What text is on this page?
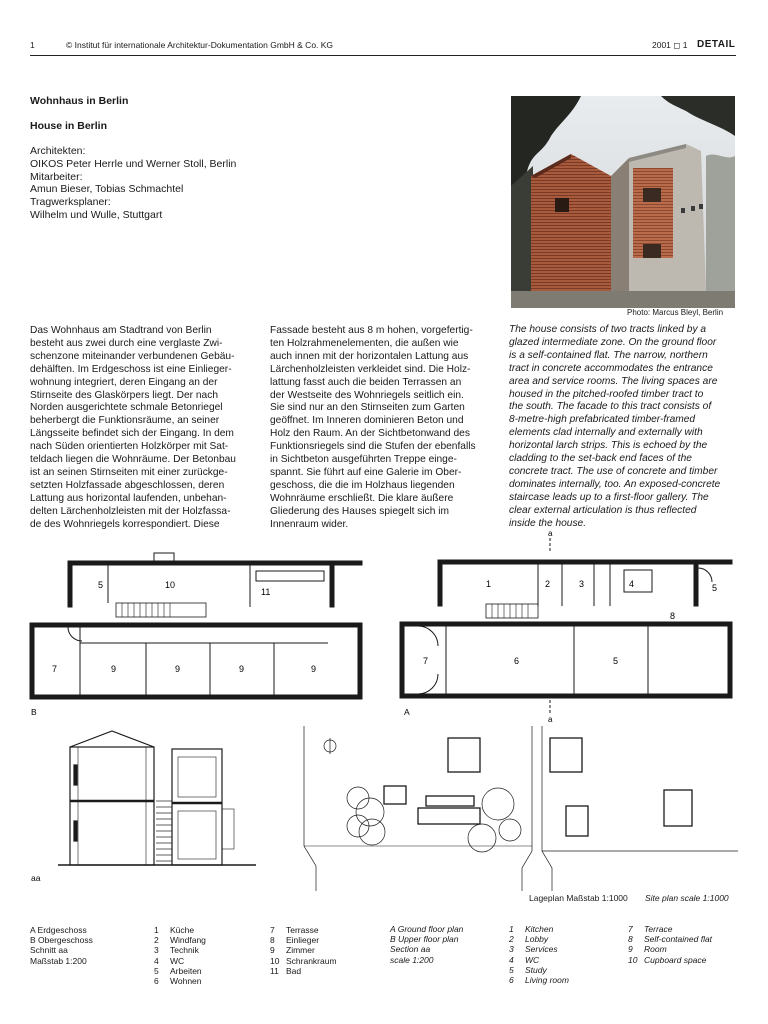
1	© Institut für internationale Architektur-Dokumentation GmbH & Co. KG	2001 ◻ 1 DETAIL
Wohnhaus in Berlin
House in Berlin
Architekten:
OIKOS Peter Herrle und Werner Stoll, Berlin
Mitarbeiter:
Amun Bieser, Tobias Schmachtel
Tragwerksplaner:
Wilhelm und Wulle, Stuttgart
Photo: Marcus Bleyl, Berlin
Das Wohnhaus am Stadtrand von Berlin
besteht aus zwei durch eine verglaste Zwi-
schenzone miteinander verbundenen Gebäu-
dehälften. Im Erdgeschoss ist eine Einlieger-
wohnung integriert, deren Eingang an der
Stirnseite des Glaskörpers liegt. Der nach
Norden ausgerichtete schmale Betonriegel
beherbergt die Funktionsräume, an seiner
Längsseite befindet sich der Eingang. In dem
nach Süden orientierten Holzkörper mit Sat-
teldach liegen die Wohnräume. Der Betonbau
ist an seinen Stirnseiten mit einer zurückge-
setzten Holzfassade abgeschlossen, deren
Lattung aus horizontal laufenden, unbehan-
delten Lärchenholzleisten mit der Holzfassa-
de des Wohnriegels korrespondiert. Diese
Fassade besteht aus 8 m hohen, vorgefertig-
ten Holzrahmenelementen, die außen wie
auch innen mit der horizontalen Lattung aus
Lärchenholzleisten verkleidet sind. Die Holz-
lattung fasst auch die beiden Terrassen an
der Westseite des Wohnriegels seitlich ein.
Sie sind nur an den Stirnseiten zum Garten
geöffnet. Im Inneren dominieren Beton und
Holz den Raum. An der Sichtbetonwand des
Funktionsriegels sind die Stufen der ebenfalls
in Sichtbeton ausgeführten Treppe einge-
spannt. Sie führt auf eine Galerie im Ober-
geschoss, die die im Holzhaus liegenden
Wohnräume erschließt. Die klare äußere
Gliederung des Hauses spiegelt sich im
Innenraum wider.
The house consists of two tracts linked by a
glazed intermediate zone. On the ground floor
is a self-contained flat. The narrow, northern
tract in concrete accommodates the entrance
area and service rooms. The living spaces are
housed in the pitched-roofed timber tract to
the south. The facade to this tract consists of
8-metre-high prefabricated timber-framed
elements clad internally and externally with
horizontal larch strips. This is echoed by the
cladding to the set-back end faces of the
concrete tract. The use of concrete and timber
dominates internally, too. An exposed-concrete
staircase leads up to a first-floor gallery. The
clear external articulation is thus reflected
inside the house.
5	10
11
7	9	9	9	9
B
a
a
1	2	3	4
5
6
7
5
8
A
aa
Lageplan Maßstab 1:1000 Site plan scale 1:1000
A Erdgeschoss
B Obergeschoss
Schnitt aa
Maßstab 1:200
1 Küche
2 Windfang
3 Technik
4 WC
5 Arbeiten
6 Wohnen
7 Terrasse
8 Einlieger
9 Zimmer
10 Schrankraum
11 Bad
A Ground floor plan
B Upper floor plan
Section aa
scale 1:200
1 Kitchen
2 Lobby
3 Services
4 WC
5 Study
6 Living room
7 Terrace
8 Self-contained flat
9 Room
10 Cupboard space
